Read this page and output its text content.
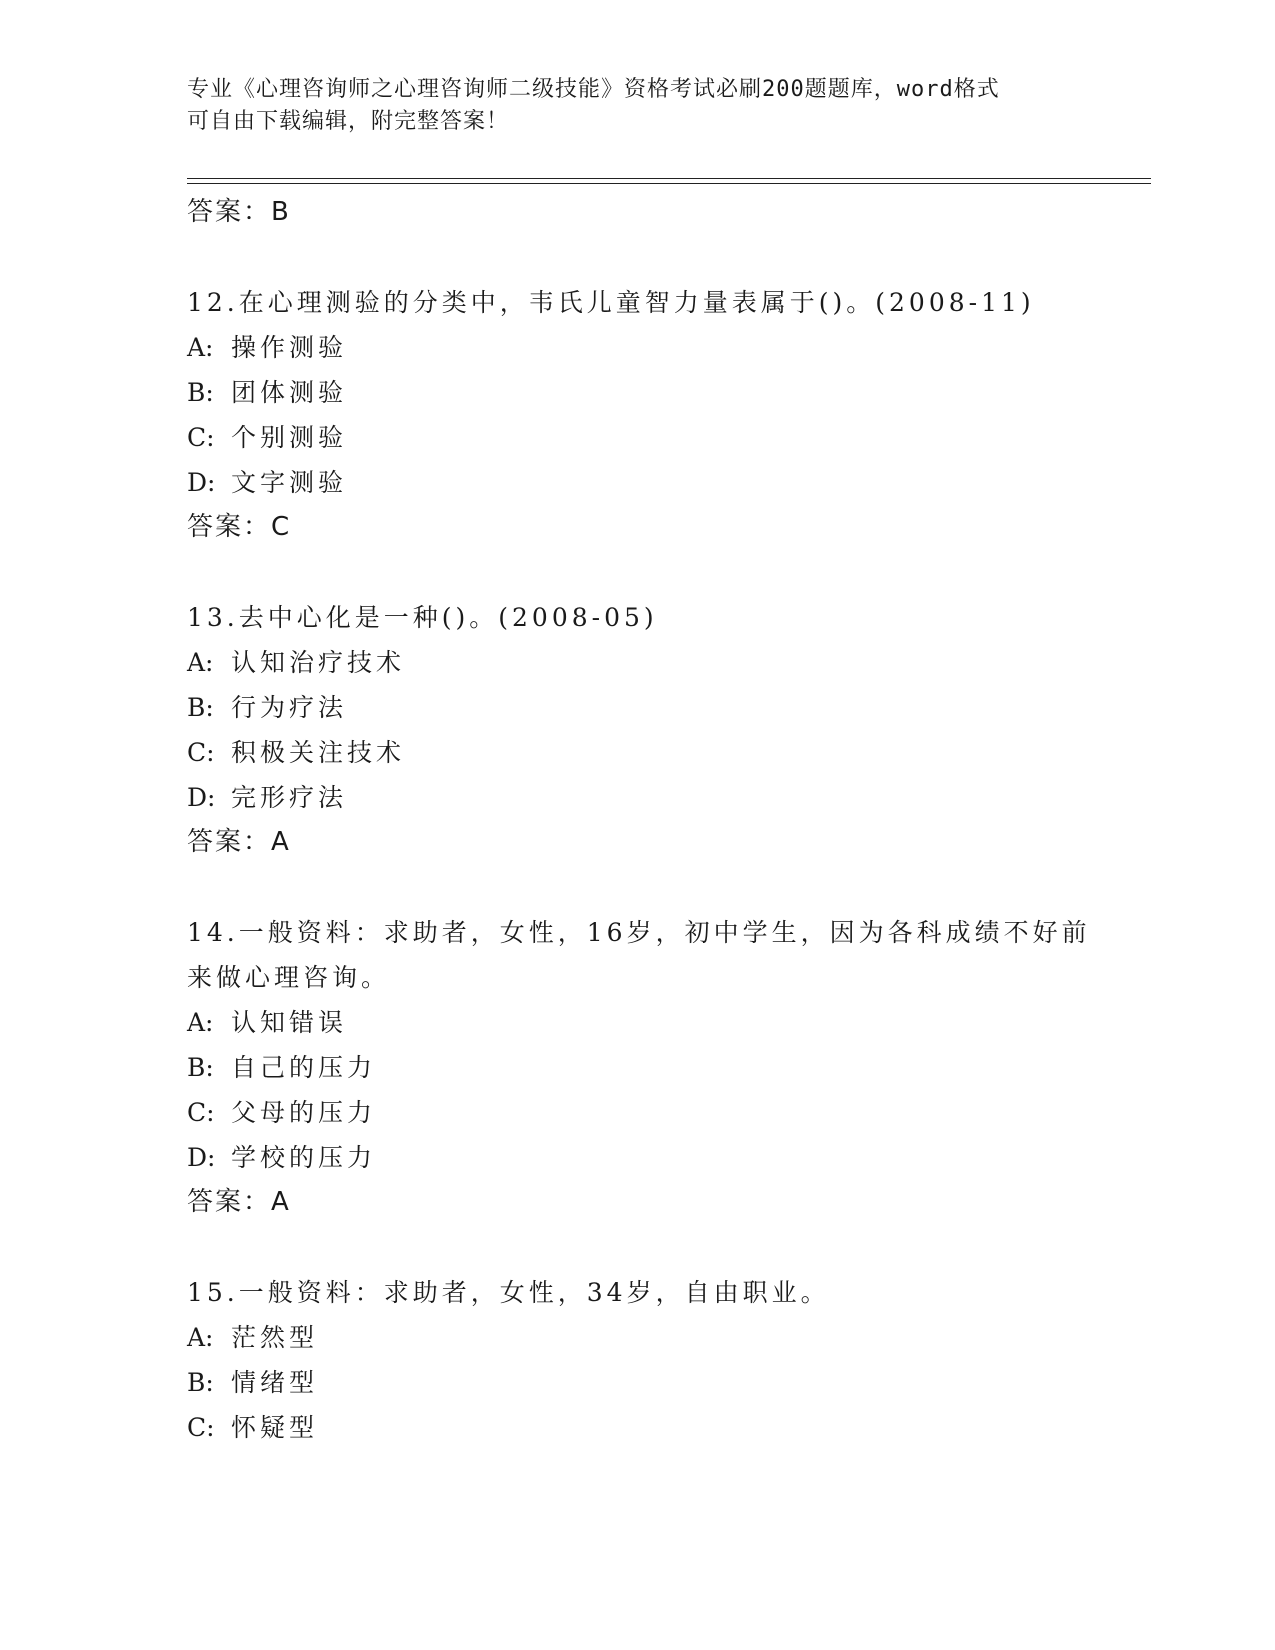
专业《心理咨询师之心理咨询师二级技能》资格考试必刷200题题库，word格式
可自由下载编辑，附完整答案！
答案：B
12.在心理测验的分类中，韦氏儿童智力量表属于()。(2008-11)
A: 操作测验
B: 团体测验
C: 个别测验
D: 文字测验
答案：C
13.去中心化是一种()。(2008-05)
A: 认知治疗技术
B: 行为疗法
C: 积极关注技术
D: 完形疗法
答案：A
14.一般资料：求助者，女性，16岁，初中学生，因为各科成绩不好前
来做心理咨询。
A: 认知错误
B: 自己的压力
C: 父母的压力
D: 学校的压力
答案：A
15.一般资料：求助者，女性，34岁，自由职业。
A: 茫然型
B: 情绪型
C: 怀疑型
